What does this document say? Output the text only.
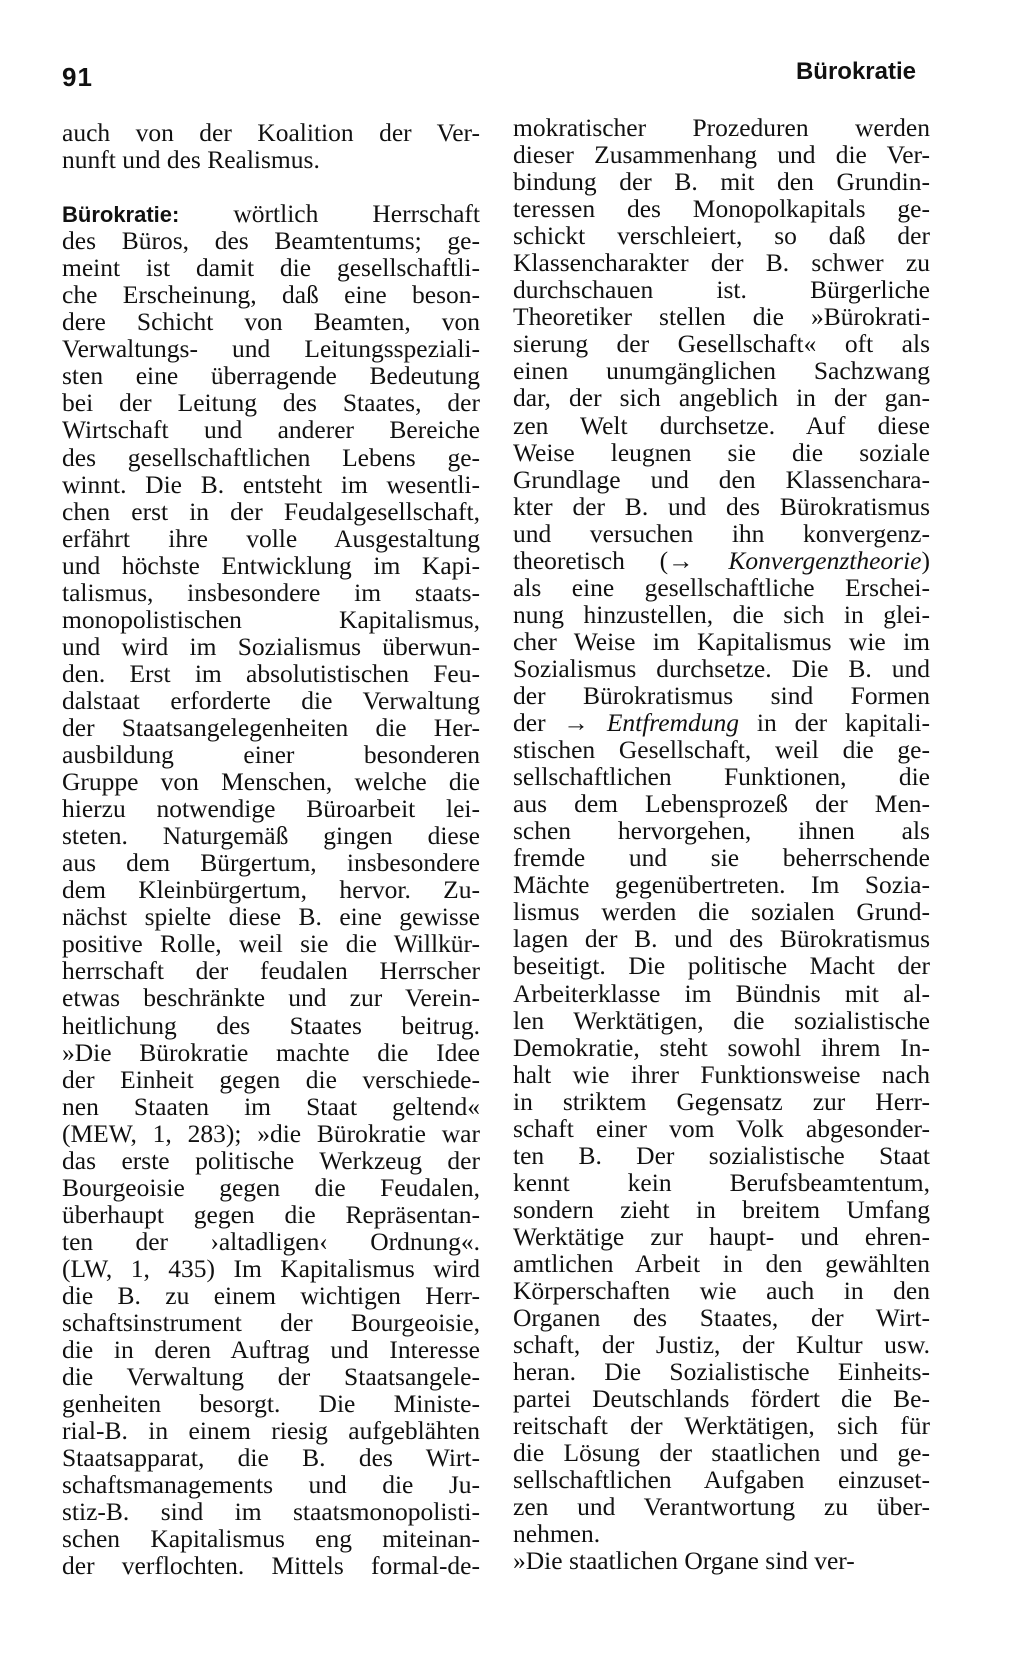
91	Bürokratie
auch von der Koalition der Ver-
nunft und des Realismus.
Bürokratie: wörtlich Herrschaft
des Büros, des Beamtentums; ge-
meint ist damit die gesellschaftli-
che Erscheinung, daß eine beson-
dere Schicht von Beamten, von
Verwaltungs- und Leitungsspeziali-
sten eine überragende Bedeutung
bei der Leitung des Staates, der
Wirtschaft und anderer Bereiche
des gesellschaftlichen Lebens ge-
winnt. Die B. entsteht im wesentli-
chen erst in der Feudalgesellschaft,
erfährt ihre volle Ausgestaltung
und höchste Entwicklung im Kapi-
talismus, insbesondere im staats-
monopolistischen Kapitalismus,
und wird im Sozialismus überwun-
den. Erst im absolutistischen Feu-
dalstaat erforderte die Verwaltung
der Staatsangelegenheiten die Her-
ausbildung einer besonderen
Gruppe von Menschen, welche die
hierzu notwendige Büroarbeit lei-
steten. Naturgemäß gingen diese
aus dem Bürgertum, insbesondere
dem Kleinbürgertum, hervor. Zu-
nächst spielte diese B. eine gewisse
positive Rolle, weil sie die Willkür-
herrschaft der feudalen Herrscher
etwas beschränkte und zur Verein-
heitlichung des Staates beitrug.
»Die Bürokratie machte die Idee
der Einheit gegen die verschiede-
nen Staaten im Staat geltend«
(MEW, 1, 283); »die Bürokratie war
das erste politische Werkzeug der
Bourgeoisie gegen die Feudalen,
überhaupt gegen die Repräsentan-
ten der ›altadligen‹ Ordnung«.
(LW, 1, 435) Im Kapitalismus wird
die B. zu einem wichtigen Herr-
schaftsinstrument der Bourgeoisie,
die in deren Auftrag und Interesse
die Verwaltung der Staatsangele-
genheiten besorgt. Die Ministe-
rial-B. in einem riesig aufgeblähten
Staatsapparat, die B. des Wirt-
schaftsmanagements und die Ju-
stiz-B. sind im staatsmonopolisti-
schen Kapitalismus eng miteinan-
der verflochten. Mittels formal-de-
mokratischer Prozeduren werden
dieser Zusammenhang und die Ver-
bindung der B. mit den Grundin-
teressen des Monopolkapitals ge-
schickt verschleiert, so daß der
Klassencharakter der B. schwer zu
durchschauen ist. Bürgerliche
Theoretiker stellen die »Bürokrati-
sierung der Gesellschaft« oft als
einen unumgänglichen Sachzwang
dar, der sich angeblich in der gan-
zen Welt durchsetze. Auf diese
Weise leugnen sie die soziale
Grundlage und den Klassenchara-
kter der B. und des Bürokratismus
und versuchen ihn konvergenz-
theoretisch (→ Konvergenztheorie)
als eine gesellschaftliche Erschei-
nung hinzustellen, die sich in glei-
cher Weise im Kapitalismus wie im
Sozialismus durchsetze. Die B. und
der Bürokratismus sind Formen
der → Entfremdung in der kapitali-
stischen Gesellschaft, weil die ge-
sellschaftlichen Funktionen, die
aus dem Lebensprozeß der Men-
schen hervorgehen, ihnen als
fremde und sie beherrschende
Mächte gegenübertreten. Im Sozia-
lismus werden die sozialen Grund-
lagen der B. und des Bürokratismus
beseitigt. Die politische Macht der
Arbeiterklasse im Bündnis mit al-
len Werktätigen, die sozialistische
Demokratie, steht sowohl ihrem In-
halt wie ihrer Funktionsweise nach
in striktem Gegensatz zur Herr-
schaft einer vom Volk abgesonder-
ten B. Der sozialistische Staat
kennt kein Berufsbeamtentum,
sondern zieht in breitem Umfang
Werktätige zur haupt- und ehren-
amtlichen Arbeit in den gewählten
Körperschaften wie auch in den
Organen des Staates, der Wirt-
schaft, der Justiz, der Kultur usw.
heran. Die Sozialistische Einheits-
partei Deutschlands fördert die Be-
reitschaft der Werktätigen, sich für
die Lösung der staatlichen und ge-
sellschaftlichen Aufgaben einzuset-
zen und Verantwortung zu über-
nehmen.
»Die staatlichen Organe sind ver-
